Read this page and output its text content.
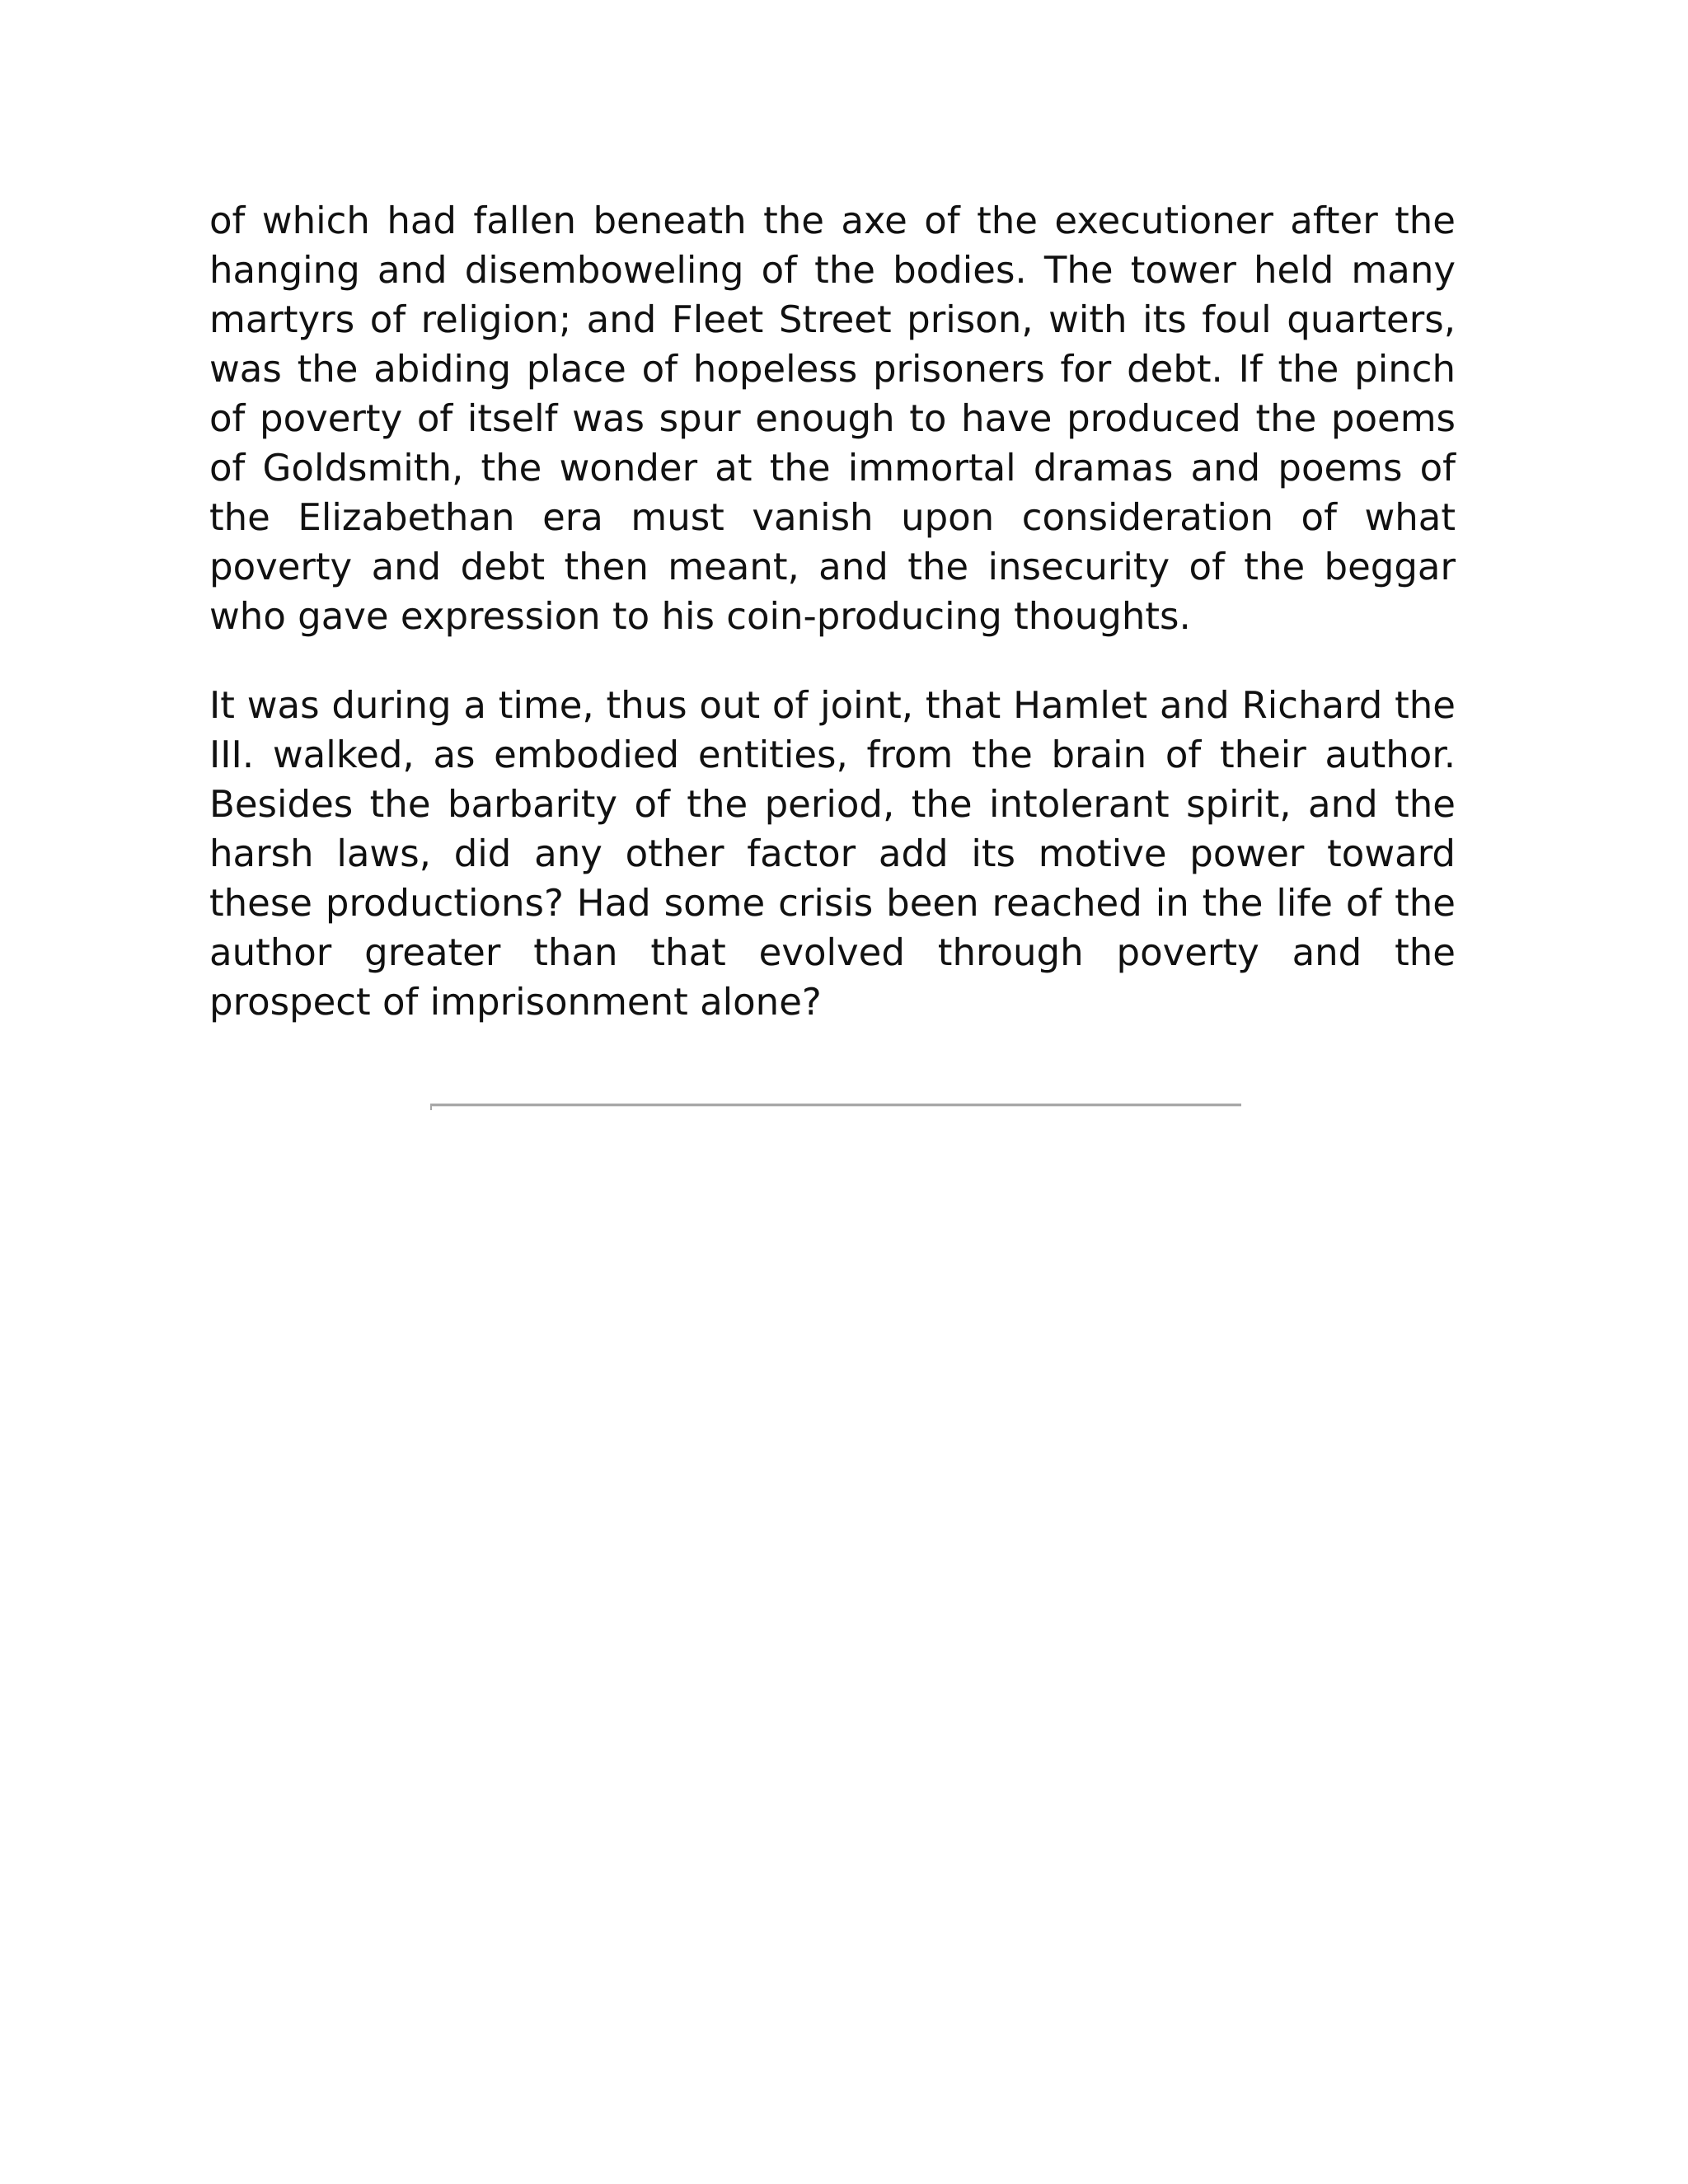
of which had fallen beneath the axe of the executioner after the hanging and disemboweling of the bodies. The tower held many martyrs of religion; and Fleet Street prison, with its foul quarters, was the abiding place of hopeless prisoners for debt. If the pinch of poverty of itself was spur enough to have produced the poems of Goldsmith, the wonder at the immortal dramas and poems of the Elizabethan era must vanish upon consideration of what poverty and debt then meant, and the insecurity of the beggar who gave expression to his coin-producing thoughts.

It was during a time, thus out of joint, that Hamlet and Richard the III. walked, as embodied entities, from the brain of their author. Besides the barbarity of the period, the intolerant spirit, and the harsh laws, did any other factor add its motive power toward these productions? Had some crisis been reached in the life of the author greater than that evolved through poverty and the prospect of imprisonment alone?
